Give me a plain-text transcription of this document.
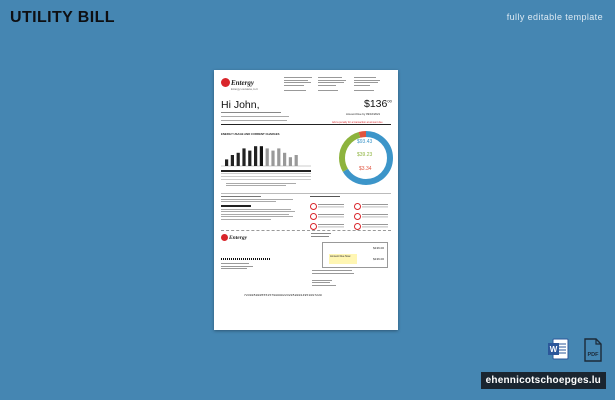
UTILITY BILL	fully editable template
Entergy
Entergy Louisiana, LLC
Hi John,	$\$136^{00}$
Amount Due by 09/16/2021
Add a penalty for a transaction at amount due
ENERGY USAGE AND CURRENT CHARGES
$93.43
$39.23
$3.34
Entergy
Amount Due Now
$136.00
$136.00
7230050005551579800022320580014951097220
W
PDF
ehennicotschoepges.lu
